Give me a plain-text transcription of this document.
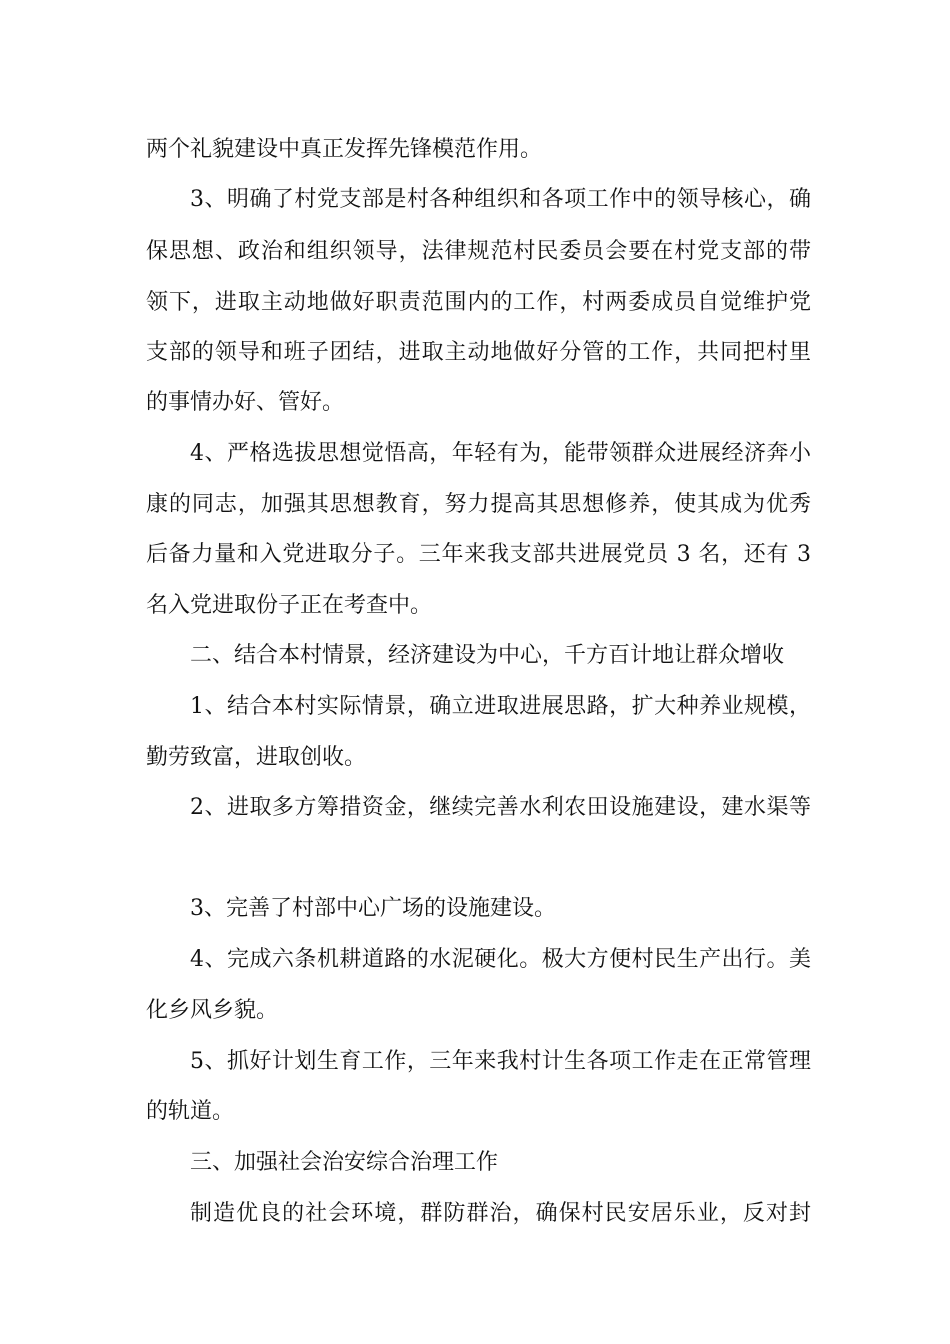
两个礼貌建设中真正发挥先锋模范作用。
3、明确了村党支部是村各种组织和各项工作中的领导核心，确
保思想、政治和组织领导，法律规范村民委员会要在村党支部的带
领下，进取主动地做好职责范围内的工作，村两委成员自觉维护党
支部的领导和班子团结，进取主动地做好分管的工作，共同把村里
的事情办好、管好。
4、严格选拔思想觉悟高，年轻有为，能带领群众进展经济奔小
康的同志，加强其思想教育，努力提高其思想修养，使其成为优秀
后备力量和入党进取分子。三年来我支部共进展党员 3 名，还有 3
名入党进取份子正在考查中。
二、结合本村情景，经济建设为中心，千方百计地让群众增收
1、结合本村实际情景，确立进取进展思路，扩大种养业规模，
勤劳致富，进取创收。
2、进取多方筹措资金，继续完善水利农田设施建设，建水渠等
3、完善了村部中心广场的设施建设。
4、完成六条机耕道路的水泥硬化。极大方便村民生产出行。美
化乡风乡貌。
5、抓好计划生育工作，三年来我村计生各项工作走在正常管理
的轨道。
三、加强社会治安综合治理工作
制造优良的社会环境，群防群治，确保村民安居乐业，反对封
